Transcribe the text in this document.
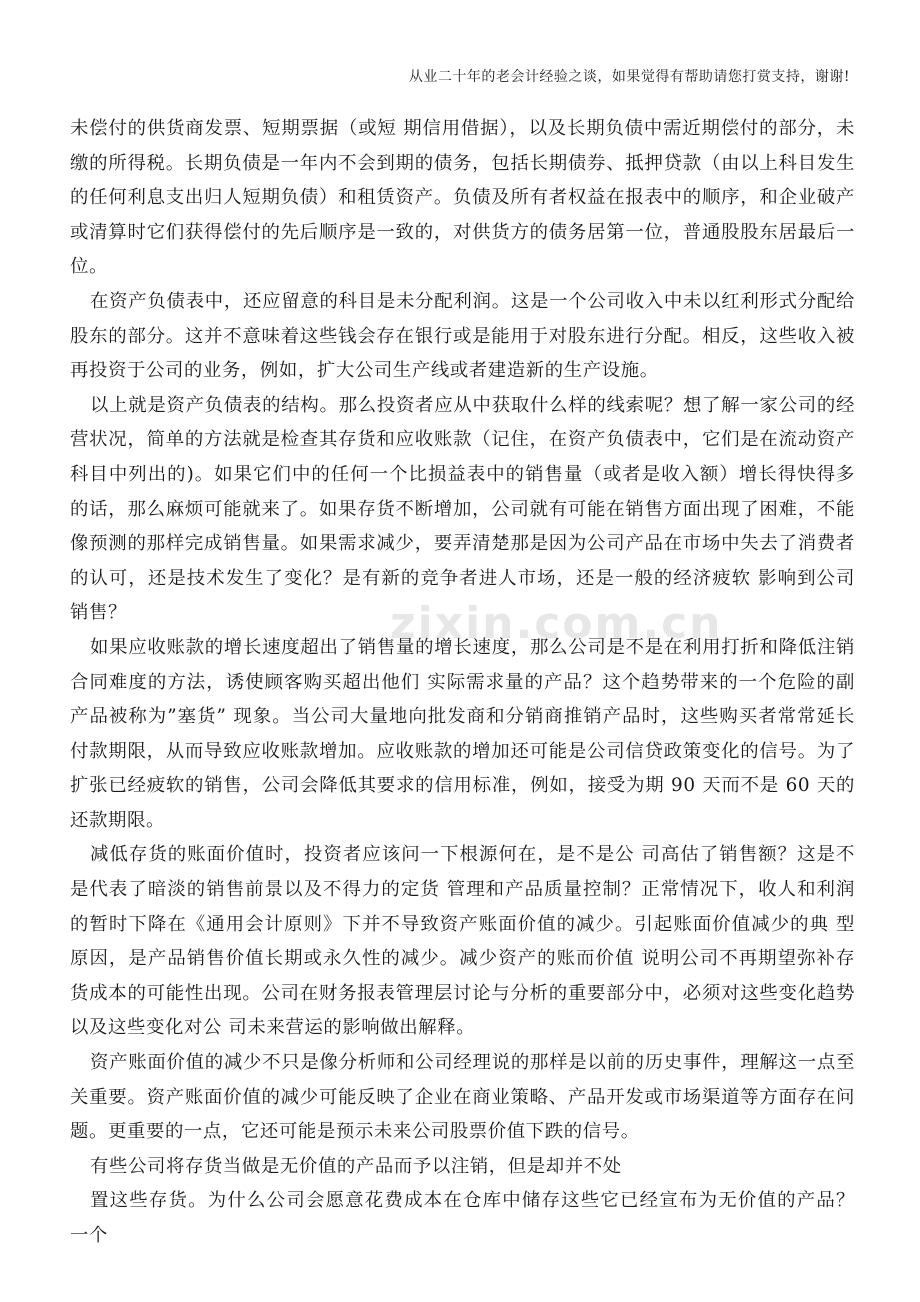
从业二十年的老会计经验之谈，如果觉得有帮助请您打赏支持，谢谢!

未偿付的供货商发票、短期票据（或短 期信用借据），以及长期负债中需近期偿付的部分，未缴的所得税。长期负债是一年内不会到期的债务，包括长期债券、抵押贷款（由以上科目发生的任何利息支出归人短期负债）和租赁资产。负债及所有者权益在报表中的顺序，和企业破产或清算时它们获得偿付的先后顺序是一致的，对供货方的债务居第一位，普通股股东居最后一位。

在资产负债表中，还应留意的科目是未分配利润。这是一个公司收入中未以红利形式分配给股东的部分。这并不意味着这些钱会存在银行或是能用于对股东进行分配。相反，这些收入被再投资于公司的业务，例如，扩大公司生产线或者建造新的生产设施。

以上就是资产负债表的结构。那么投资者应从中获取什么样的线索呢？想了解一家公司的经营状况，简单的方法就是检查其存货和应收账款（记住，在资产负债表中，它们是在流动资产科目中列出的)。如果它们中的任何一个比损益表中的销售量（或者是收入额）增长得快得多的话，那么麻烦可能就来了。如果存货不断增加，公司就有可能在销售方面出现了困难，不能像预测的那样完成销售量。如果需求减少，要弄清楚那是因为公司产品在市场中失去了消费者的认可，还是技术发生了变化？是有新的竞争者进人市场，还是一般的经济疲软 影响到公司销售？

如果应收账款的增长速度超出了销售量的增长速度，那么公司是不是在利用打折和降低注销合同难度的方法，诱使顾客购买超出他们 实际需求量的产品？这个趋势带来的一个危险的副产品被称为”塞货” 现象。当公司大量地向批发商和分销商推销产品时，这些购买者常常延长付款期限，从而导致应收账款增加。应收账款的增加还可能是公司信贷政策变化的信号。为了扩张已经疲软的销售，公司会降低其要求的信用标准，例如，接受为期 90 天而不是 60 天的还款期限。

减低存货的账面价值时，投资者应该问一下根源何在，是不是公 司高估了销售额？这是不是代表了暗淡的销售前景以及不得力的定货 管理和产品质量控制？正常情况下，收人和利润的暂时下降在《通用会计原则》下并不导致资产账面价值的减少。引起账面价值减少的典 型原因，是产品销售价值长期或永久性的减少。减少资产的账而价值 说明公司不再期望弥补存货成本的可能性出现。公司在财务报表管理层讨论与分析的重要部分中，必须对这些变化趋势以及这些变化对公 司未来营运的影响做出解释。

资产账面价值的减少不只是像分析师和公司经理说的那样是以前的历史事件，理解这一点至关重要。资产账面价值的减少可能反映了企业在商业策略、产品开发或市场渠道等方面存在问题。更重要的一点，它还可能是预示未来公司股票价值下跌的信号。

有些公司将存货当做是无价值的产品而予以注销，但是却并不处

置这些存货。为什么公司会愿意花费成本在仓库中储存这些它已经宣布为无价值的产品？ 一个

zixin.com.cn
